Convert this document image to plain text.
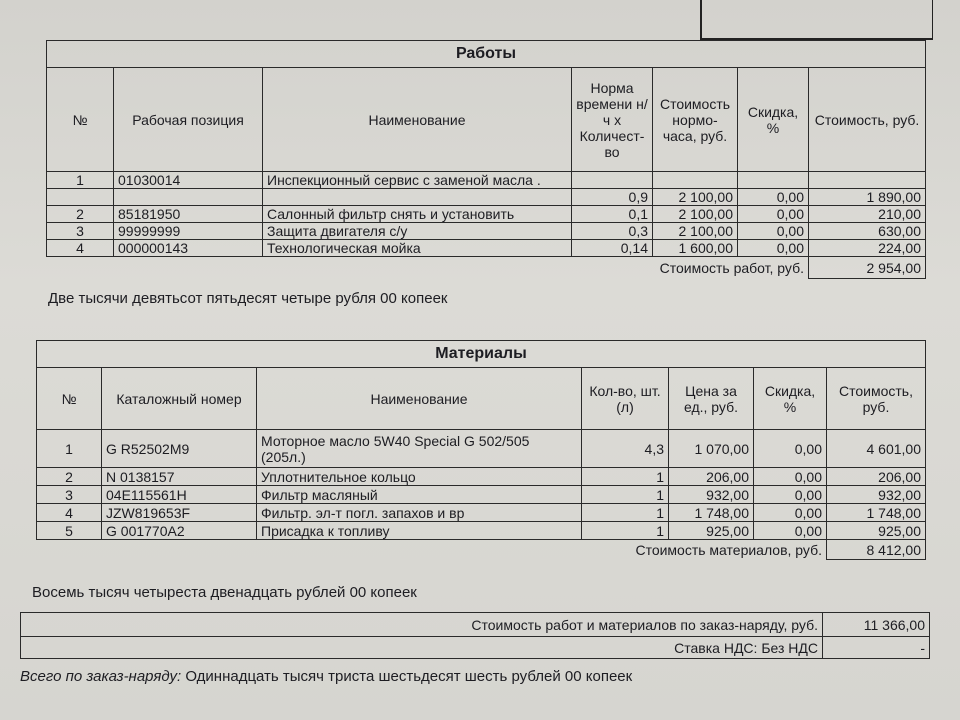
Работы						
№	Рабочая позиция	Наименование	Норма времени н/ч х Количест-во	Стоимость нормо-часа, руб.	Скидка, %	Стоимость, руб.
1	01030014	Инспекционный сервис с заменой масла .				
			0,9	2 100,00	0,00	1 890,00
2	85181950	Салонный фильтр снять и установить	0,1	2 100,00	0,00	210,00
3	99999999	Защита двигателя с/у	0,3	2 100,00	0,00	630,00
4	000000143	Технологическая мойка	0,14	1 600,00	0,00	224,00
Стоимость работ, руб.						2 954,00
Две тысячи девятьсот пятьдесят четыре рубля 00 копеек
Материалы						
№	Каталожный номер	Наименование	Кол-во, шт. (л)	Цена за ед., руб.	Скидка, %	Стоимость, руб.
1	G R52502M9	Моторное масло 5W40 Special G 502/505 (205л.)	4,3	1 070,00	0,00	4 601,00
2	N 0138157	Уплотнительное кольцо	1	206,00	0,00	206,00
3	04E115561H	Фильтр масляный	1	932,00	0,00	932,00
4	JZW819653F	Фильтр. эл-т погл. запахов и вр	1	1 748,00	0,00	1 748,00
5	G 001770A2	Присадка к топливу	1	925,00	0,00	925,00
Стоимость материалов, руб.						8 412,00
Восемь тысяч четыреста двенадцать рублей 00 копеек
Стоимость работ и материалов по заказ-наряду, руб.	11 366,00
Ставка НДС: Без НДС	-
Всего по заказ-наряду: Одиннадцать тысяч триста шестьдесят шесть рублей 00 копеек
